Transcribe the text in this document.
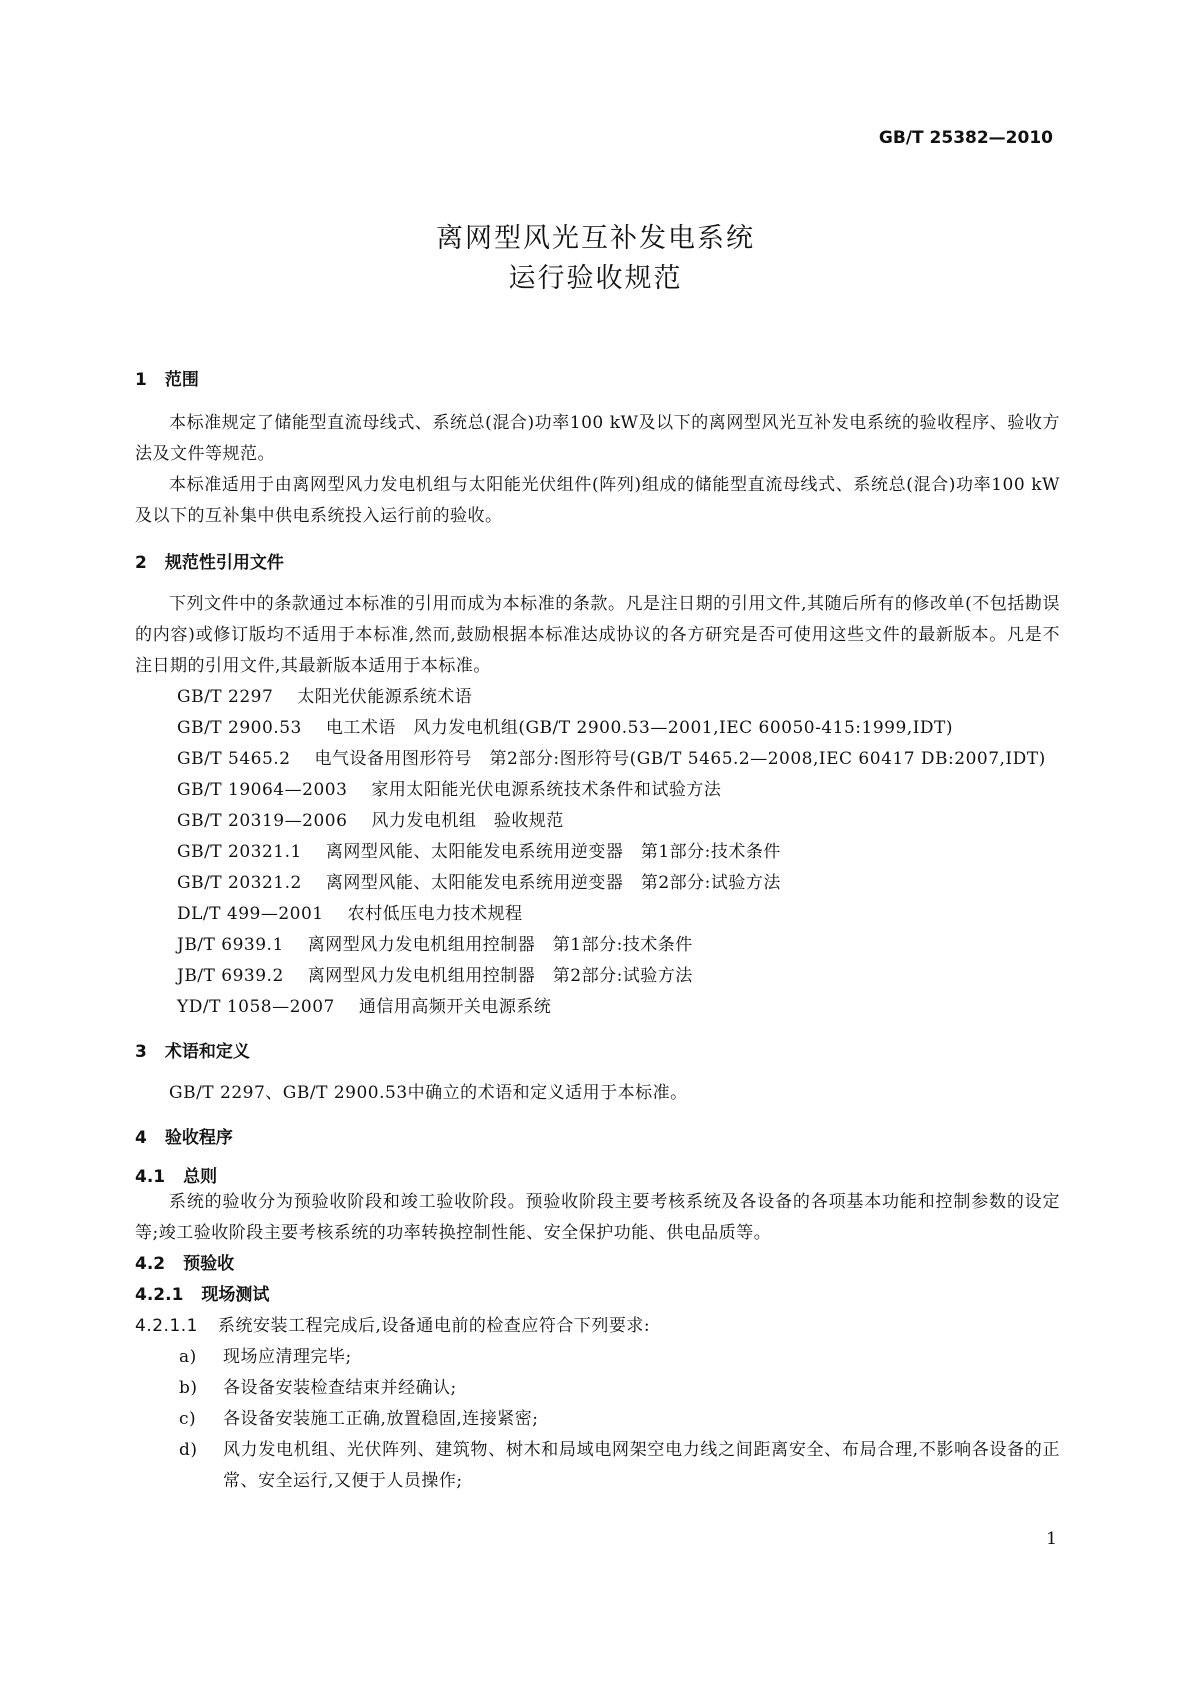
GB/T 25382—2010
离网型风光互补发电系统
运行验收规范
1 范围

本标准规定了储能型直流母线式、系统总(混合)功率100 kW及以下的离网型风光互补发电系统的验收程序、验收方法及文件等规范。

本标准适用于由离网型风力发电机组与太阳能光伏组件(阵列)组成的储能型直流母线式、系统总(混合)功率100 kW及以下的互补集中供电系统投入运行前的验收。

2 规范性引用文件

下列文件中的条款通过本标准的引用而成为本标准的条款。凡是注日期的引用文件,其随后所有的修改单(不包括勘误的内容)或修订版均不适用于本标准,然而,鼓励根据本标准达成协议的各方研究是否可使用这些文件的最新版本。凡是不注日期的引用文件,其最新版本适用于本标准。

GB/T 2297 太阳光伏能源系统术语
GB/T 2900.53 电工术语　风力发电机组(GB/T 2900.53—2001,IEC 60050-415:1999,IDT)
GB/T 5465.2 电气设备用图形符号　第2部分:图形符号(GB/T 5465.2—2008,IEC 60417 DB:2007,IDT)
GB/T 19064—2003 家用太阳能光伏电源系统技术条件和试验方法
GB/T 20319—2006 风力发电机组　验收规范
GB/T 20321.1 离网型风能、太阳能发电系统用逆变器　第1部分:技术条件
GB/T 20321.2 离网型风能、太阳能发电系统用逆变器　第2部分:试验方法
DL/T 499—2001 农村低压电力技术规程
JB/T 6939.1 离网型风力发电机组用控制器　第1部分:技术条件
JB/T 6939.2 离网型风力发电机组用控制器　第2部分:试验方法
YD/T 1058—2007 通信用高频开关电源系统
3 术语和定义

GB/T 2297、GB/T 2900.53中确立的术语和定义适用于本标准。

4 验收程序
4.1 总则

系统的验收分为预验收阶段和竣工验收阶段。预验收阶段主要考核系统及各设备的各项基本功能和控制参数的设定等;竣工验收阶段主要考核系统的功率转换控制性能、安全保护功能、供电品质等。

4.2 预验收
4.2.1 现场测试

4.2.1.1 系统安装工程完成后,设备通电前的检查应符合下列要求:

a) 现场应清理完毕;
b) 各设备安装检查结束并经确认;
c) 各设备安装施工正确,放置稳固,连接紧密;
d) 风力发电机组、光伏阵列、建筑物、树木和局域电网架空电力线之间距离安全、布局合理,不影响各设备的正常、安全运行,又便于人员操作;
1
